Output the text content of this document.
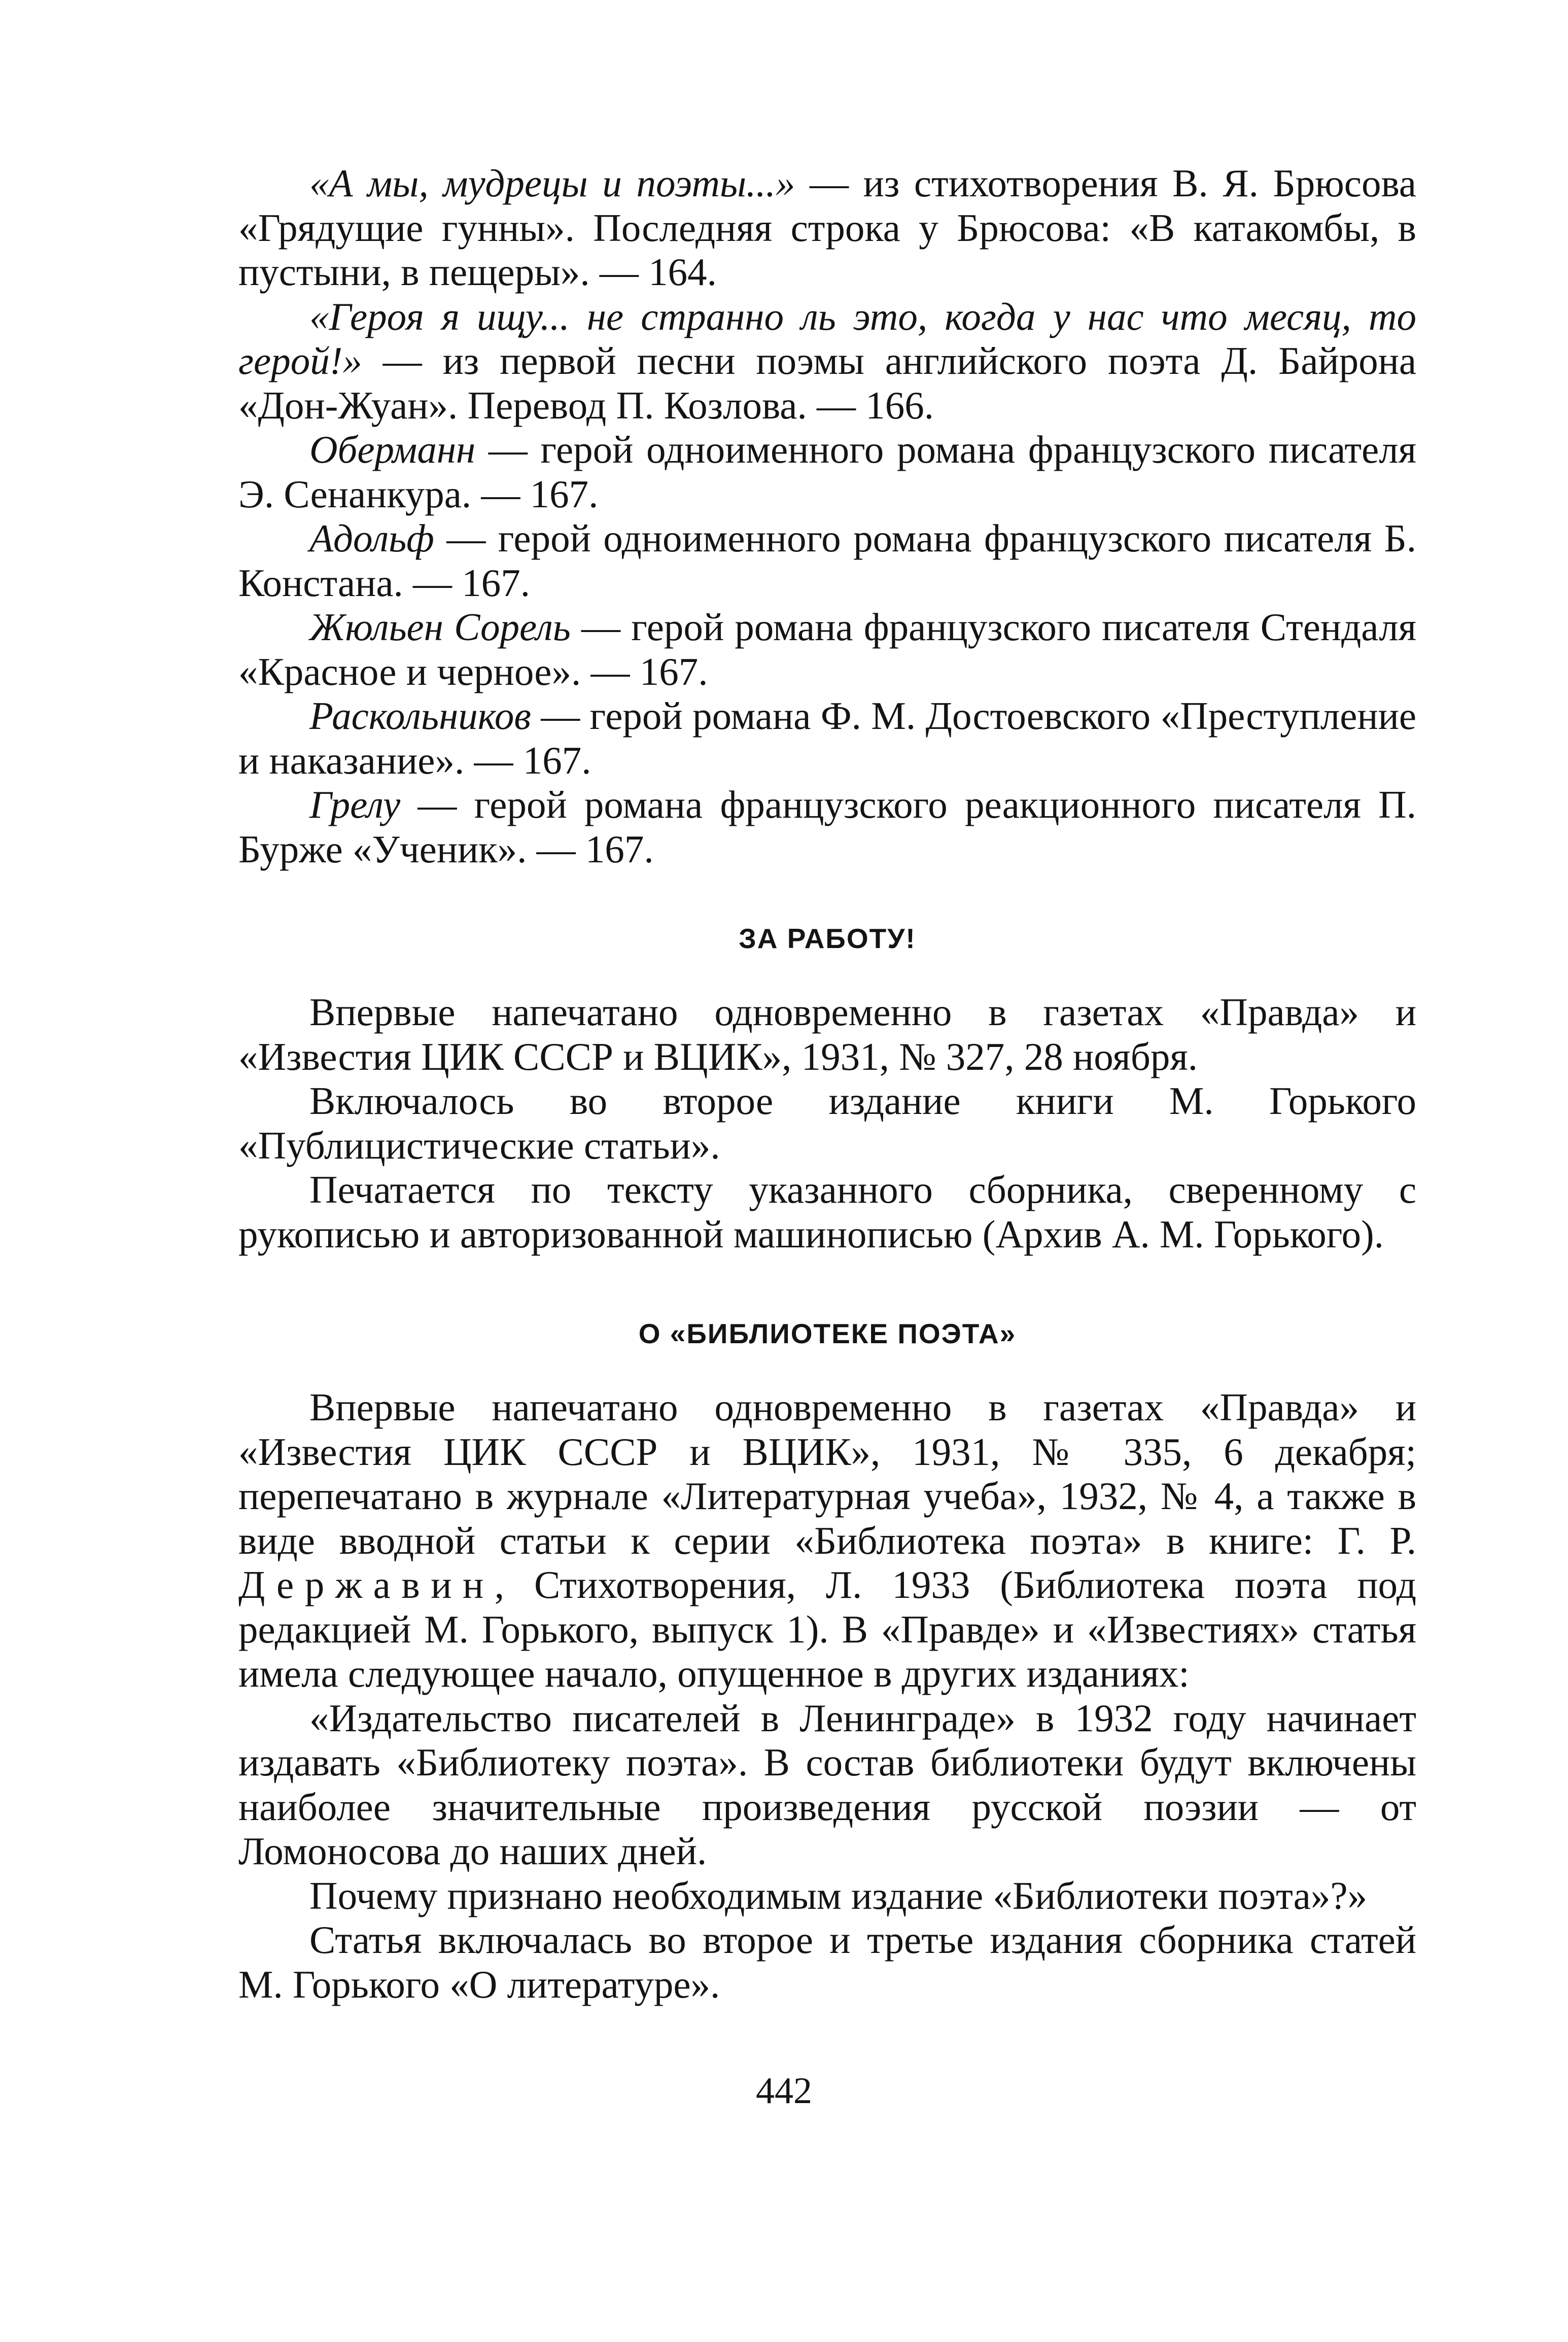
«А мы, мудрецы и поэты...» — из стихотворения В. Я. Брюсова «Грядущие гунны». Последняя строка у Брюсова: «В катакомбы, в пустыни, в пещеры». — 164.

«Героя я ищу... не странно ль это, когда у нас что месяц, то герой!» — из первой песни поэмы английского поэта Д. Байрона «Дон-Жуан». Перевод П. Козлова. — 166.

Оберманн — герой одноименного романа французского писателя Э. Сенанкура. — 167.

Адольф — герой одноименного романа французского писателя Б. Констана. — 167.

Жюльен Сорель — герой романа французского писателя Стендаля «Красное и черное». — 167.

Раскольников — герой романа Ф. М. Достоевского «Преступление и наказание». — 167.

Грелу — герой романа французского реакционного писателя П. Бурже «Ученик». — 167.

ЗА РАБОТУ!

Впервые напечатано одновременно в газетах «Правда» и «Известия ЦИК СССР и ВЦИК», 1931, № 327, 28 ноября.

Включалось во второе издание книги М. Горького «Публицистические статьи».

Печатается по тексту указанного сборника, сверенному с рукописью и авторизованной машинописью (Архив А. М. Горького).

О «БИБЛИОТЕКЕ ПОЭТА»

Впервые напечатано одновременно в газетах «Правда» и «Известия ЦИК СССР и ВЦИК», 1931, № 335, 6 декабря; перепечатано в журнале «Литературная учеба», 1932, № 4, а также в виде вводной статьи к серии «Библиотека поэта» в книге: Г. Р. Державин, Стихотворения, Л. 1933 (Библиотека поэта под редакцией М. Горького, выпуск 1). В «Правде» и «Известиях» статья имела следующее начало, опущенное в других изданиях:

«Издательство писателей в Ленинграде» в 1932 году начинает издавать «Библиотеку поэта». В состав библиотеки будут включены наиболее значительные произведения русской поэзии — от Ломоносова до наших дней.

Почему признано необходимым издание «Библиотеки поэта»?»

Статья включалась во второе и третье издания сборника статей М. Горького «О литературе».

442
